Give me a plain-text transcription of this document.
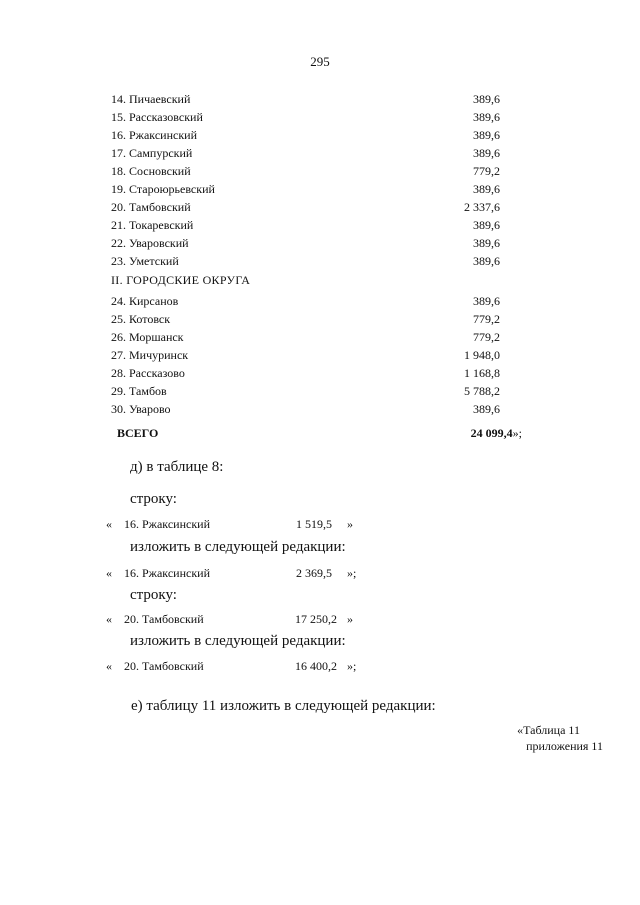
295
14. Пичаевский	389,6
15. Рассказовский	389,6
16. Ржаксинский	389,6
17. Сампурский	389,6
18. Сосновский	779,2
19. Староюрьевский	389,6
20. Тамбовский	2 337,6
21. Токаревский	389,6
22. Уваровский	389,6
23. Уметский	389,6
II. ГОРОДСКИЕ ОКРУГА
24. Кирсанов	389,6
25. Котовск	779,2
26. Моршанск	779,2
27. Мичуринск	1 948,0
28. Рассказово	1 168,8
29. Тамбов	5 788,2
30. Уварово	389,6
ВСЕГО	24 099,4»;
д) в таблице 8:
строку:
« 16. Ржаксинский	1 519,5 »
изложить в следующей редакции:
« 16. Ржаксинский	2 369,5 »;
строку:
« 20. Тамбовский	17 250,2 »
изложить в следующей редакции:
« 20. Тамбовский	16 400,2 »;
е) таблицу 11 изложить в следующей редакции:
«Таблица 11
приложения 11
